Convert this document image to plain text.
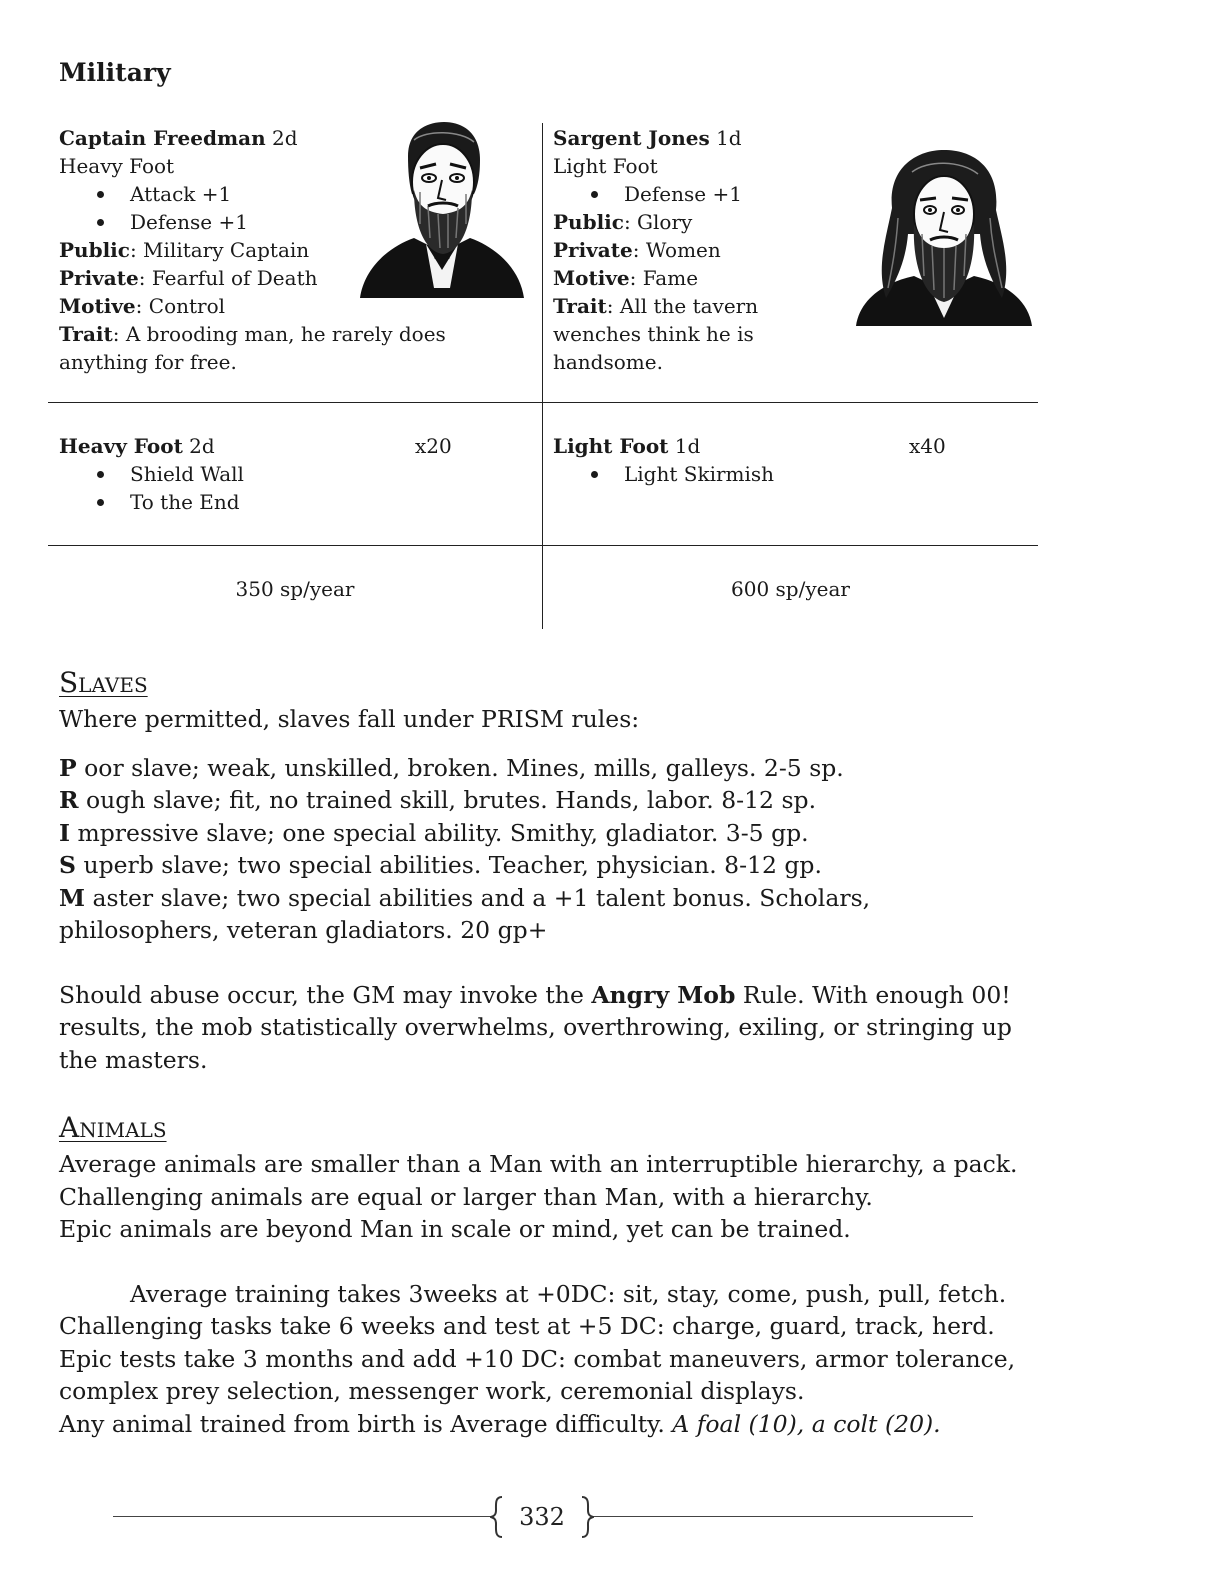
Military
Captain Freedman 2d
Heavy Foot
Attack +1
Defense +1
Public: Military Captain
Private: Fearful of Death
Motive: Control
Trait: A brooding man, he rarely does anything for free.
Sargent Jones 1d
Light Foot
Defense +1
Public: Glory
Private: Women
Motive: Fame
Trait: All the tavern wenches think he is handsome.
Heavy Foot 2d
Shield Wall
To the End
x20	Light Foot 1d
Light Skirmish
x40
350 sp/year	600 sp/year
Slaves

Where permitted, slaves fall under PRISM rules:

P oor slave; weak, unskilled, broken. Mines, mills, galleys. 2-5 sp.

R ough slave; fit, no trained skill, brutes. Hands, labor. 8-12 sp.

I mpressive slave; one special ability. Smithy, gladiator. 3-5 gp.

S uperb slave; two special abilities. Teacher, physician. 8-12 gp.

M aster slave; two special abilities and a +1 talent bonus. Scholars, philosophers, veteran gladiators. 20 gp+

Should abuse occur, the GM may invoke the Angry Mob Rule. With enough 00! results, the mob statistically overwhelms, overthrowing, exiling, or stringing up the masters.

Animals

Average animals are smaller than a Man with an interruptible hierarchy, a pack.

Challenging animals are equal or larger than Man, with a hierarchy.

Epic animals are beyond Man in scale or mind, yet can be trained.

Average training takes 3weeks at +0DC: sit, stay, come, push, pull, fetch.

Challenging tasks take 6 weeks and test at +5 DC: charge, guard, track, herd.

Epic tests take 3 months and add +10 DC: combat maneuvers, armor tolerance, complex prey selection, messenger work, ceremonial displays.

Any animal trained from birth is Average difficulty. A foal (10), a colt (20).

332
